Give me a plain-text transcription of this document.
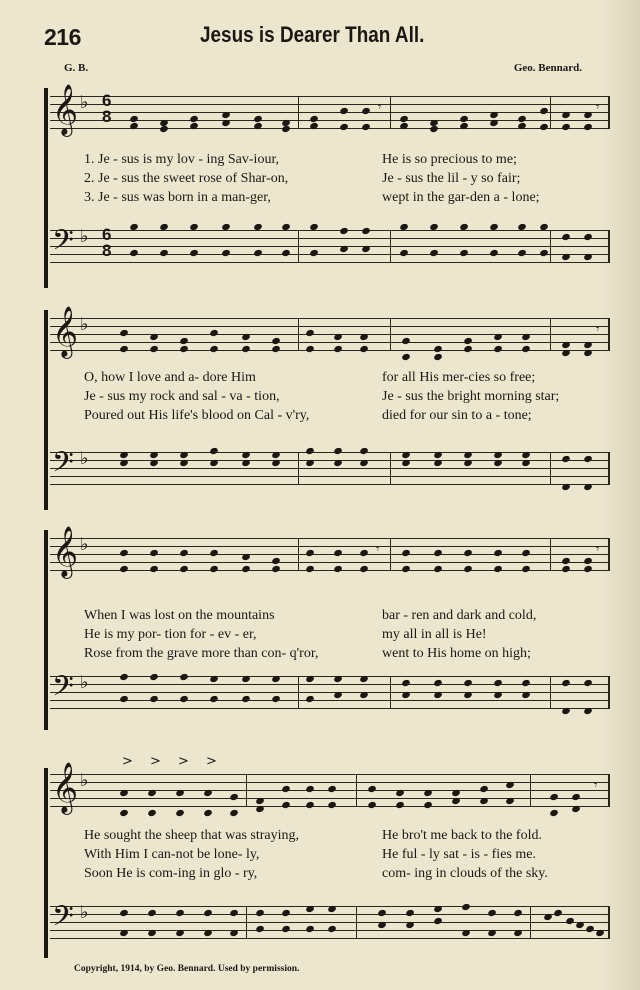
216	Jesus is Dearer Than All.
G. B.	Geo. Bennard.
𝄞 ♭ 6
8	𝄾	𝄾
𝄢 ♭ 6
8
1. Je - sus is my lov - ing Sav-iour,	He is so precious to me;
2. Je - sus the sweet rose of Shar-on,	Je - sus the lil - y so fair;
3. Je - sus was born in a man-ger,	wept in the gar-den a - lone;
𝄞 ♭	𝄾
𝄢 ♭
O, how I love and a- dore Him	for all His mer-cies so free;
Je - sus my rock and sal - va - tion,	Je - sus the bright morning star;
Poured out His life's blood on Cal - v'ry,	died for our sin to a - tone;
𝄞 ♭	𝄾	𝄾
𝄢 ♭
When I was lost on the mountains	bar - ren and dark and cold,
He is my por- tion for - ev - er,	my all in all is He!
Rose from the grave more than con- q'ror,	went to His home on high;
> > > >
𝄞 ♭	𝄾
𝄢 ♭
He sought the sheep that was straying,	He bro't me back to the fold.
With Him I can-not be lone- ly,	He ful - ly sat - is - fies me.
Soon He is com-ing in glo - ry,	com- ing in clouds of the sky.
Copyright, 1914, by Geo. Bennard. Used by permission.
